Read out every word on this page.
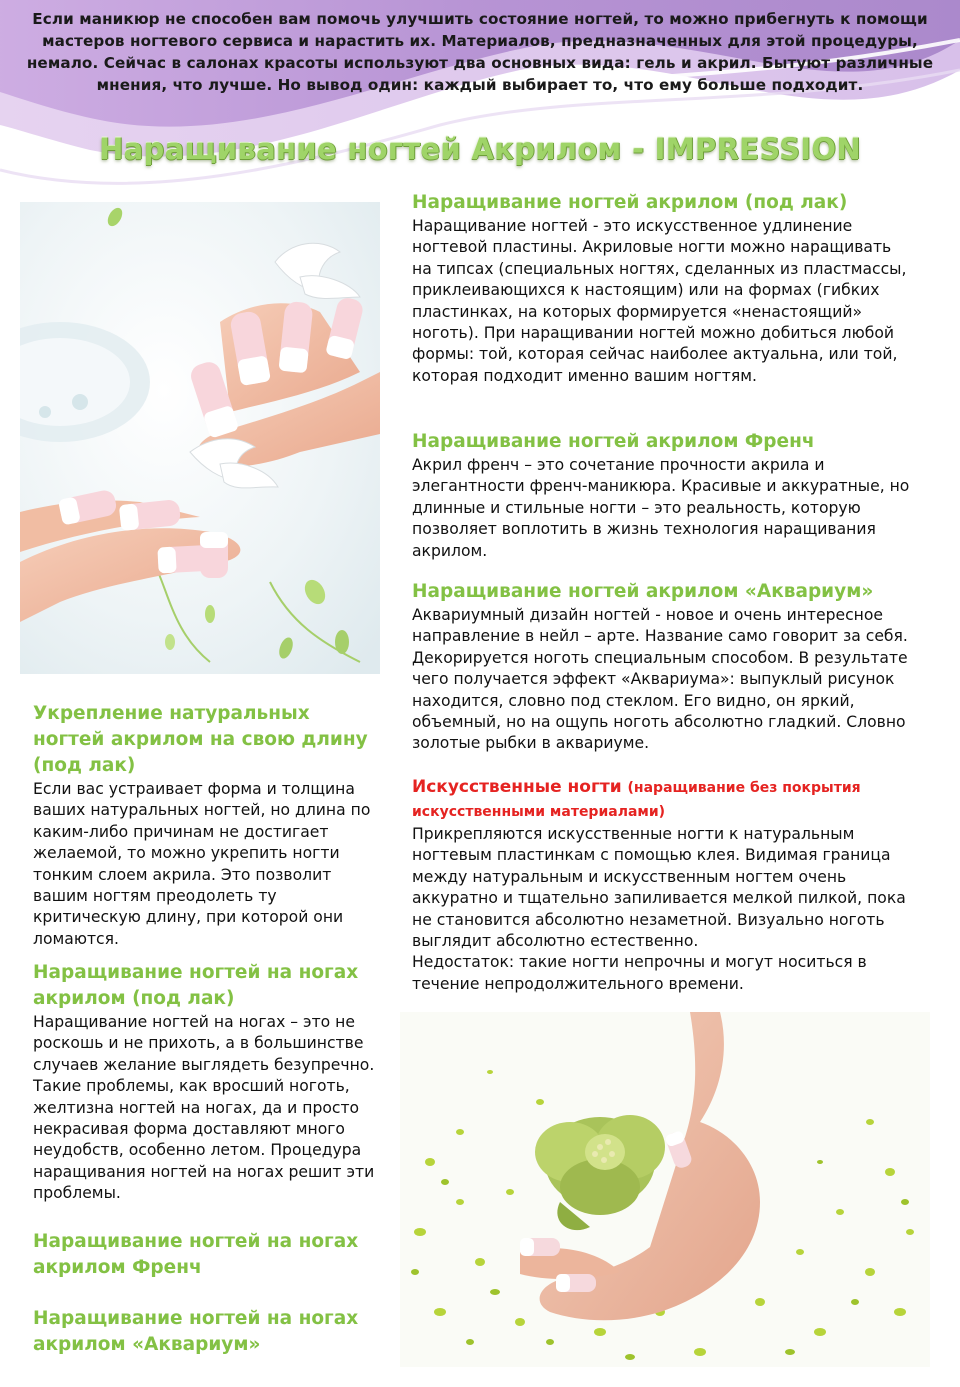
Если маникюр не способен вам помочь улучшить состояние ногтей, то можно прибегнуть к помощи мастеров ногтевого сервиса и нарастить их. Материалов, предназначенных для этой процедуры, немало. Сейчас в салонах красоты используют два основных вида: гель и акрил. Бытуют различные мнения, что лучше. Но вывод один: каждый выбирает то, что ему больше подходит.
Наращивание ногтей Акрилом - IMPRESSION
Наращивание ногтей акрилом (под лак)

Наращивание ногтей - это искусственное удлинение ногтевой пластины. Акриловые ногти можно наращивать на типсах (специальных ногтях, сделанных из пластмассы, приклеивающихся к настоящим) или на формах (гибких пластинках, на которых формируется «ненастоящий» ноготь). При наращивании ногтей можно добиться любой формы: той, которая сейчас наиболее актуальна, или той, которая подходит именно вашим ногтям.

Наращивание ногтей акрилом Френч

Акрил френч – это сочетание прочности акрила и элегантности френч-маникюра. Красивые и аккуратные, но длинные и стильные ногти – это реальность, которую позволяет воплотить в жизнь технология наращивания акрилом.

Наращивание ногтей акрилом «Аквариум»

Аквариумный дизайн ногтей - новое и очень интересное направление в нейл – арте. Название само говорит за себя. Декорируется ноготь специальным способом. В результате чего получается эффект «Аквариума»: выпуклый рисунок находится, словно под стеклом. Его видно, он яркий, объемный, но на ощупь ноготь абсолютно гладкий. Словно золотые рыбки в аквариуме.

Искусственные ногти (наращивание без покрытия искусственными материалами)

Прикрепляются искусственные ногти к натуральным ногтевым пластинкам с помощью клея. Видимая граница между натуральным и искусственным ногтем очень аккуратно и тщательно запиливается мелкой пилкой, пока не становится абсолютно незаметной. Визуально ноготь выглядит абсолютно естественно.

Недостаток: такие ногти непрочны и могут носиться в течение непродолжительного времени.

Укрепление натуральных ногтей акрилом на свою длину (под лак)

Если вас устраивает форма и толщина ваших натуральных ногтей, но длина по каким-либо причинам не достигает желаемой, то можно укрепить ногти тонким слоем акрила. Это позволит вашим ногтям преодолеть ту критическую длину, при которой они ломаются.

Наращивание ногтей на ногах акрилом (под лак)

Наращивание ногтей на ногах – это не роскошь и не прихоть, а в большинстве случаев желание выглядеть безупречно. Такие проблемы, как вросший ноготь, желтизна ногтей на ногах, да и просто некрасивая форма доставляют много неудобств, особенно летом. Процедура наращивания ногтей на ногах решит эти проблемы.

Наращивание ногтей на ногах акрилом Френч
Наращивание ногтей на ногах акрилом «Аквариум»
